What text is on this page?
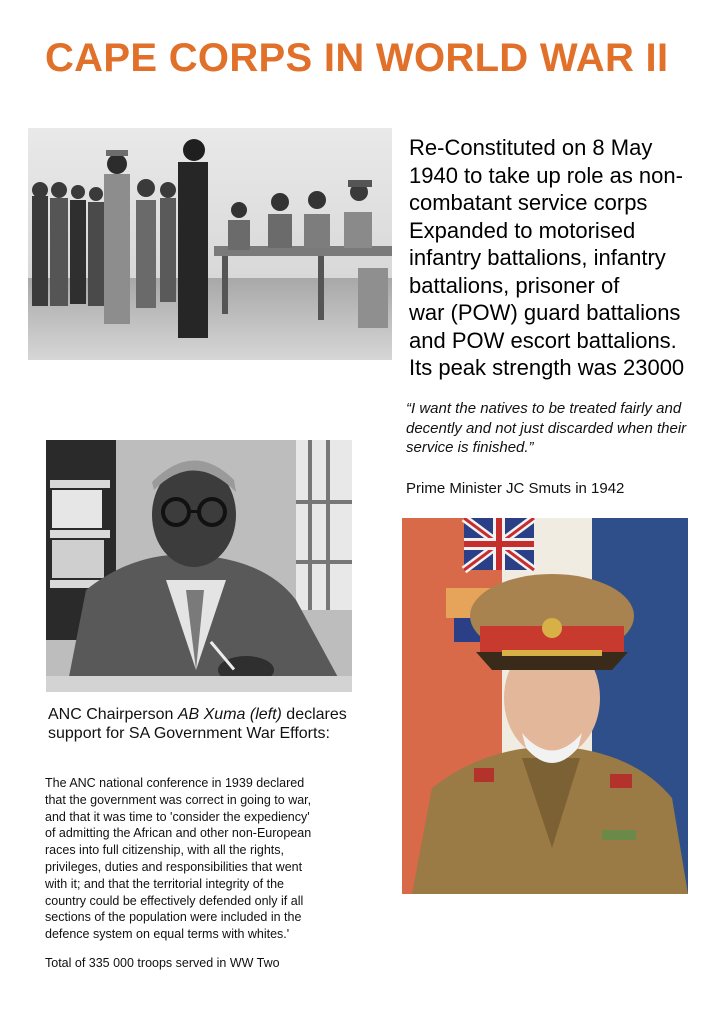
CAPE CORPS IN WORLD WAR II
Re-Constituted on 8 May
1940 to take up role as non-
combatant service corps
Expanded to motorised
infantry battalions, infantry
battalions, prisoner of
war (POW) guard battalions
and POW escort battalions.
Its peak strength was 23000
“I want the natives to be treated fairly and decently and not just discarded when their service is finished.”
Prime Minister JC Smuts in 1942
ANC Chairperson AB Xuma (left) declares support for SA Government War Efforts:
The ANC national conference in 1939 declared
that the government was correct in going to war,
and that it was time to 'consider the expediency'
of admitting the African and other non-European
races into full citizenship, with all the rights,
privileges, duties and responsibilities that went
with it; and that the territorial integrity of the
country could be effectively defended only if all
sections of the population were included in the
defence system on equal terms with whites.'
Total of 335 000 troops served in WW Two
